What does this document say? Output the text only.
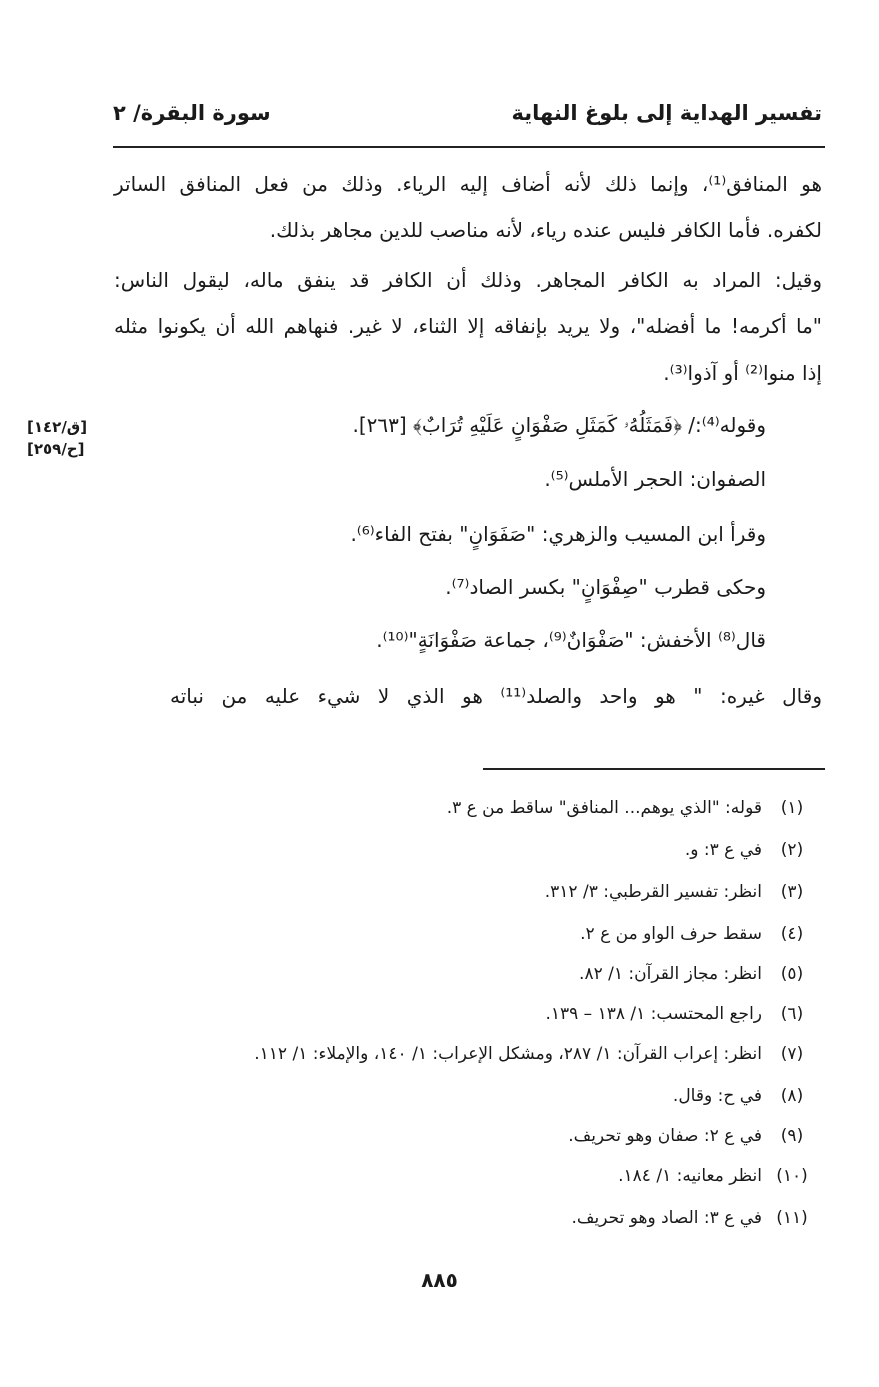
تفسير الهداية إلى بلوغ النهاية
سورة البقرة/ ٢
[ق/١٤٢]
[ح/٢٥٩]
هو المنافق⁽¹⁾، وإنما ذلك لأنه أضاف إليه الرياء. وذلك من فعل المنافق الساتر
لكفره. فأما الكافر فليس عنده رياء، لأنه مناصب للدين مجاهر بذلك.
وقيل: المراد به الكافر المجاهر. وذلك أن الكافر قد ينفق ماله، ليقول الناس:
"ما أكرمه! ما أفضله"، ولا يريد بإنفاقه إلا الثناء، لا غير. فنهاهم الله أن يكونوا مثله
إذا منوا⁽²⁾ أو آذوا⁽³⁾.
وقوله⁽⁴⁾:/ ﴿فَمَثَلُهُۥ كَمَثَلِ صَفْوَانٍ عَلَيْهِ تُرَابٌ﴾ [٢٦٣].
الصفوان: الحجر الأملس⁽⁵⁾.
وقرأ ابن المسيب والزهري: "صَفَوَانٍ" بفتح الفاء⁽⁶⁾.
وحكى قطرب "صِفْوَانٍ" بكسر الصاد⁽⁷⁾.
قال⁽⁸⁾ الأخفش: "صَفْوَانٌ⁽⁹⁾، جماعة صَفْوَانَةٍ"⁽¹⁰⁾.
وقال غيره: " هو واحد والصلد⁽¹¹⁾ هو الذي لا شيء عليه من نباته
(١)قوله: "الذي يوهم... المنافق" ساقط من ع ٣.
(٢)في ع ٣: و.
(٣)انظر: تفسير القرطبي: ٣/ ٣١٢.
(٤)سقط حرف الواو من ع ٢.
(٥)انظر: مجاز القرآن: ١/ ٨٢.
(٦)راجع المحتسب: ١/ ١٣٨ – ١٣٩.
(٧)انظر: إعراب القرآن: ١/ ٢٨٧، ومشكل الإعراب: ١/ ١٤٠، والإملاء: ١/ ١١٢.
(٨)في ح: وقال.
(٩)في ع ٢: صفان وهو تحريف.
(١٠)انظر معانيه: ١/ ١٨٤.
(١١)في ع ٣: الصاد وهو تحريف.
٨٨٥
